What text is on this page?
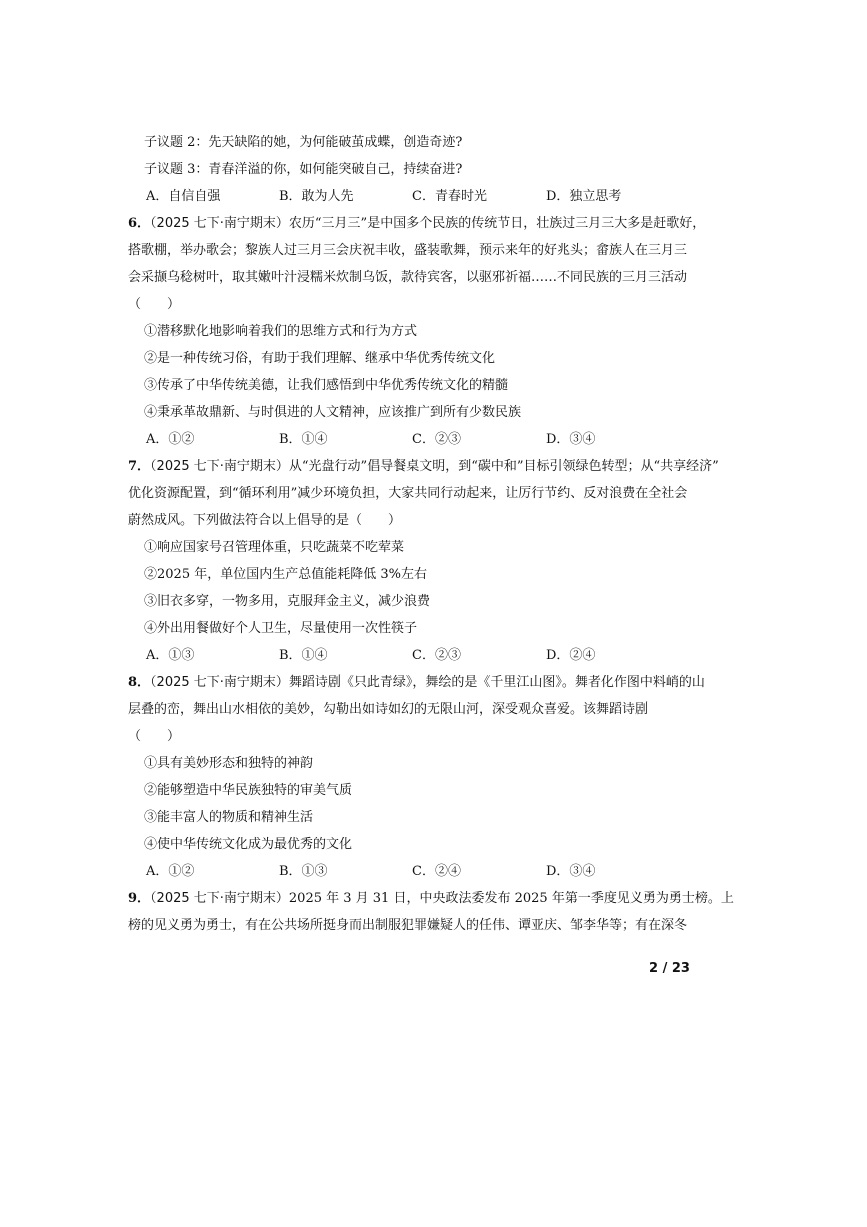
子议题 2：先天缺陷的她，为何能破茧成蝶，创造奇迹?
子议题 3：青春洋溢的你，如何能突破自己，持续奋进?
A．自信自强	B．敢为人先	C．青春时光	D．独立思考
6．（2025 七下·南宁期末）农历“三月三”是中国多个民族的传统节日，壮族过三月三大多是赶歌好，
搭歌棚，举办歌会；黎族人过三月三会庆祝丰收，盛装歌舞，预示来年的好兆头；畲族人在三月三
会采撷乌稔树叶，取其嫩叶汁浸糯米炊制乌饭，款待宾客，以驱邪祈福……不同民族的三月三活动
（　　）
①潜移默化地影响着我们的思维方式和行为方式
②是一种传统习俗，有助于我们理解、继承中华优秀传统文化
③传承了中华传统美德，让我们感悟到中华优秀传统文化的精髓
④秉承革故鼎新、与时俱进的人文精神，应该推广到所有少数民族
A．①②	B．①④	C．②③	D．③④
7．（2025 七下·南宁期末）从“光盘行动”倡导餐桌文明，到“碳中和”目标引领绿色转型；从“共享经济”
优化资源配置，到“循环利用”减少环境负担，大家共同行动起来，让厉行节约、反对浪费在全社会
蔚然成风。下列做法符合以上倡导的是（　　）
①响应国家号召管理体重，只吃蔬菜不吃荤菜
②2025 年，单位国内生产总值能耗降低 3%左右
③旧衣多穿，一物多用，克服拜金主义，减少浪费
④外出用餐做好个人卫生，尽量使用一次性筷子
A．①③	B．①④	C．②③	D．②④
8．（2025 七下·南宁期末）舞蹈诗剧《只此青绿》，舞绘的是《千里江山图》。舞者化作图中料峭的山
层叠的峦，舞出山水相依的美妙，勾勒出如诗如幻的无限山河，深受观众喜爱。该舞蹈诗剧
（　　）
①具有美妙形态和独特的神韵
②能够塑造中华民族独特的审美气质
③能丰富人的物质和精神生活
④使中华传统文化成为最优秀的文化
A．①②	B．①③	C．②④	D．③④
9．（2025 七下·南宁期末）2025 年 3 月 31 日，中央政法委发布 2025 年第一季度见义勇为勇士榜。上
榜的见义勇为勇士，有在公共场所挺身而出制服犯罪嫌疑人的任伟、谭亚庆、邹李华等；有在深冬
2 / 23
